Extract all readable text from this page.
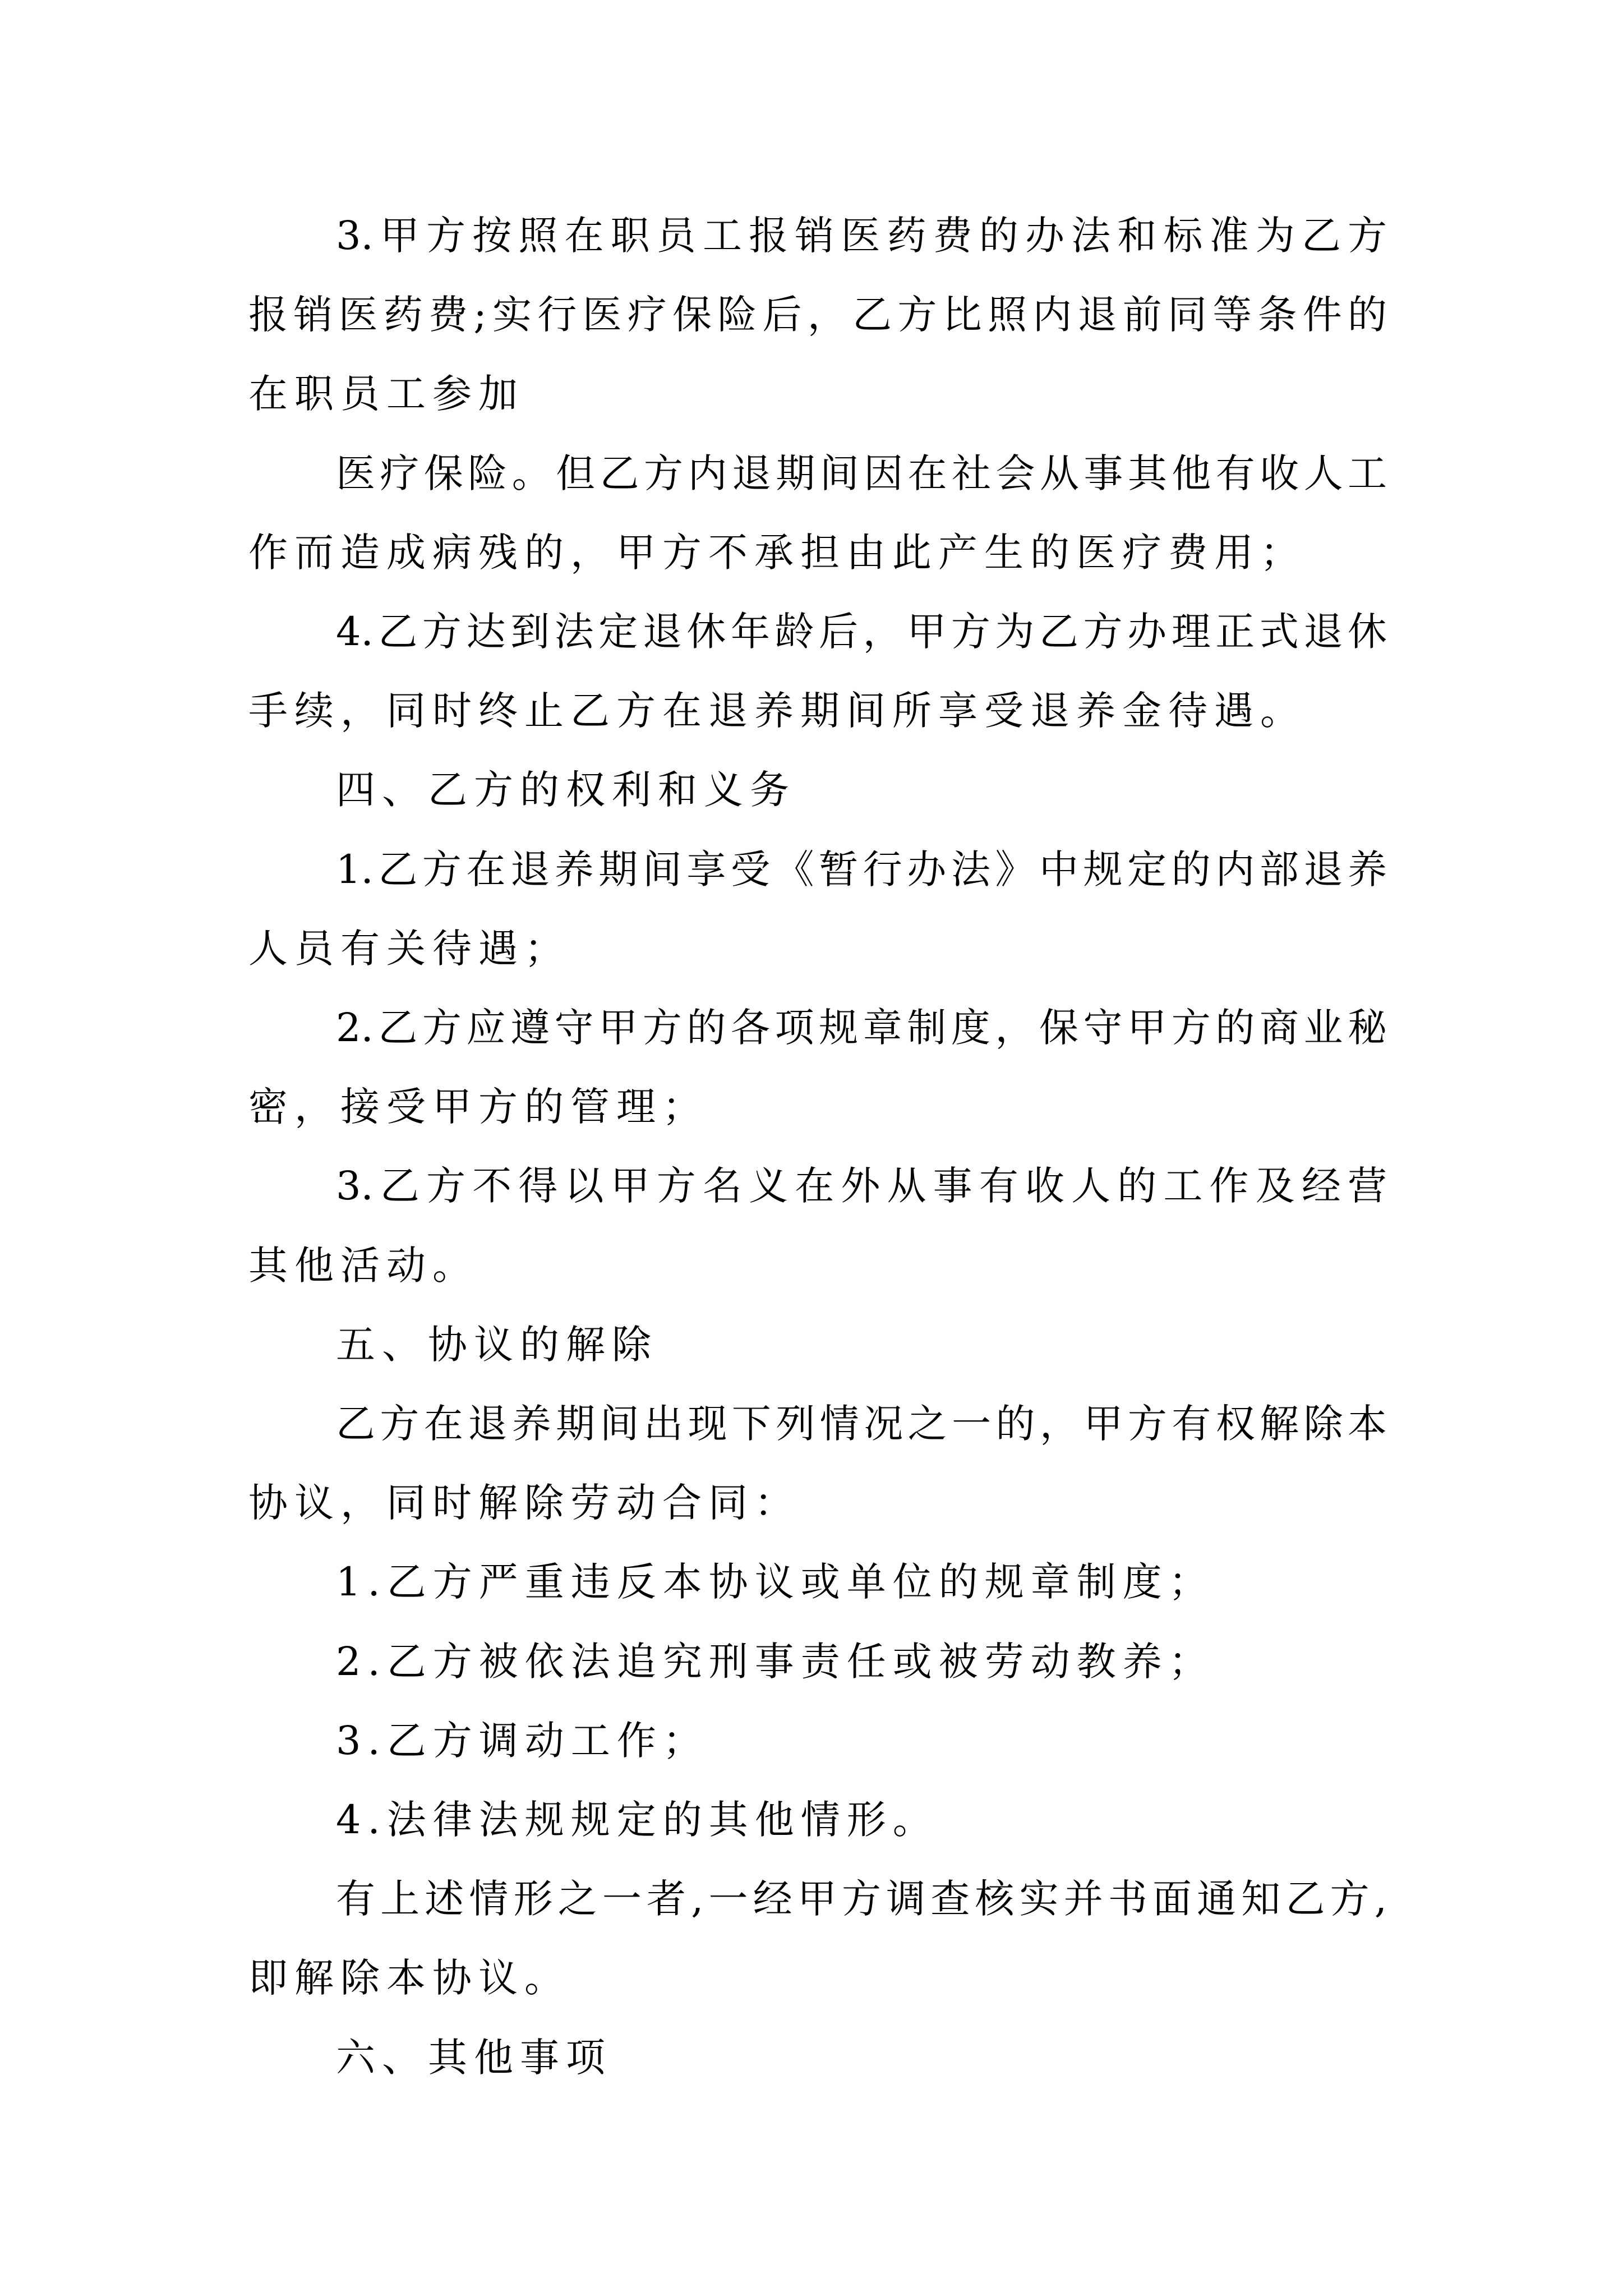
3.甲方按照在职员工报销医药费的办法和标准为乙方
报销医药费;实行医疗保险后，乙方比照内退前同等条件的
在职员工参加
医疗保险。但乙方内退期间因在社会从事其他有收人工
作而造成病残的，甲方不承担由此产生的医疗费用；
4.乙方达到法定退休年龄后，甲方为乙方办理正式退休
手续，同时终止乙方在退养期间所享受退养金待遇。
四、乙方的权利和义务
1.乙方在退养期间享受《暂行办法》中规定的内部退养
人员有关待遇；
2.乙方应遵守甲方的各项规章制度，保守甲方的商业秘
密，接受甲方的管理；
3.乙方不得以甲方名义在外从事有收人的工作及经营
其他活动。
五、协议的解除
乙方在退养期间出现下列情况之一的，甲方有权解除本
协议，同时解除劳动合同：
1.乙方严重违反本协议或单位的规章制度；
2.乙方被依法追究刑事责任或被劳动教养；
3.乙方调动工作；
4.法律法规规定的其他情形。
有上述情形之一者,一经甲方调查核实并书面通知乙方,
即解除本协议。
六、其他事项
